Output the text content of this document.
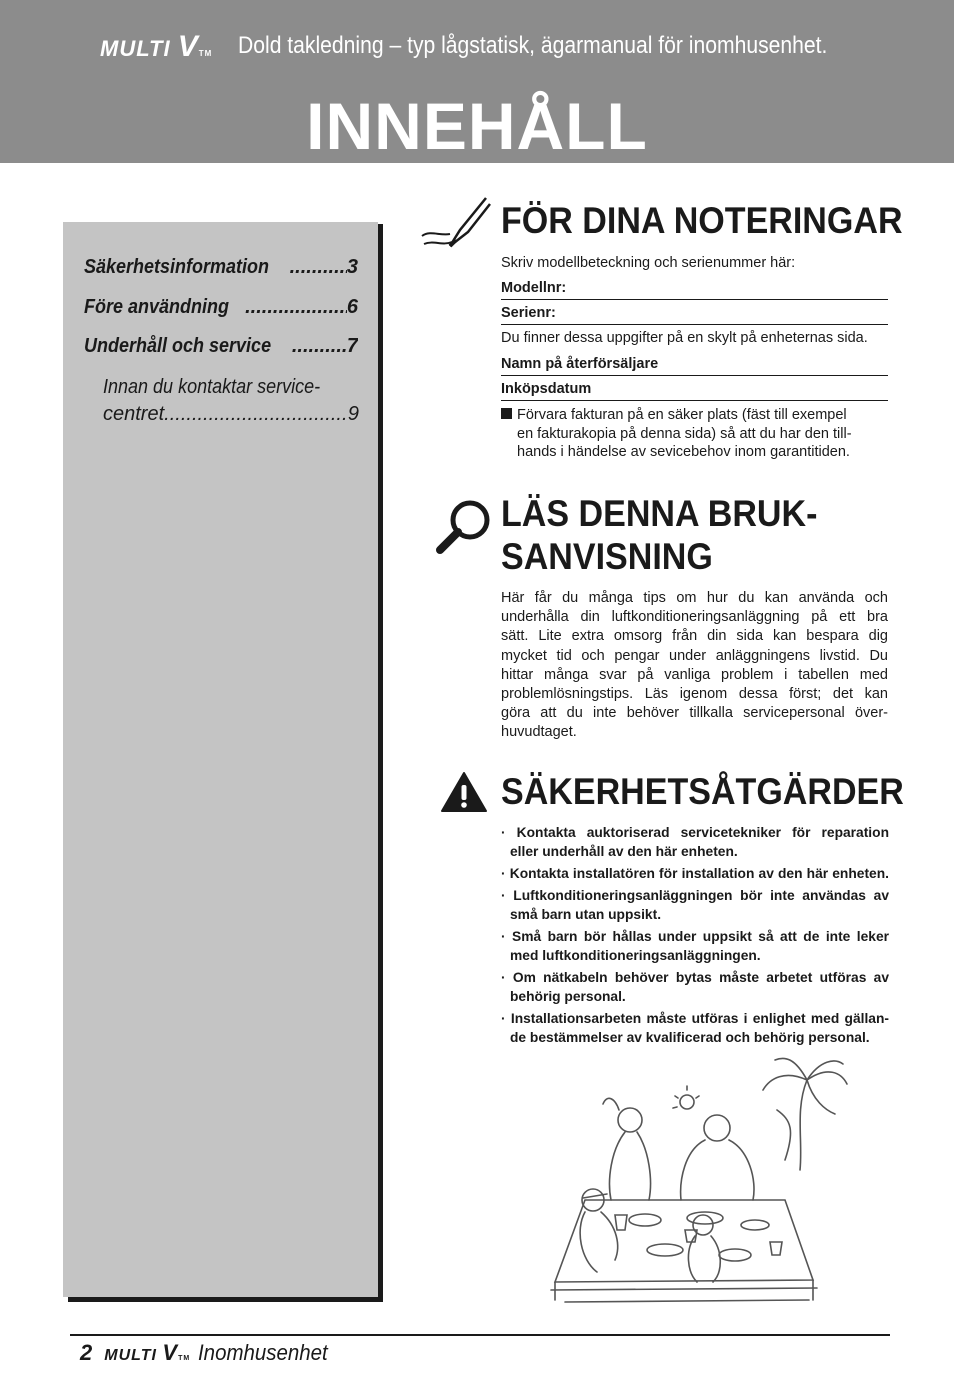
MULTI VTM Dold takledning – typ lågstatisk, ägarmanual för inomhusenhet.
INNEHÅLL
Säkerhetsinformation .....	3
Före användning .....	6
Underhåll och service .....	7
Innan du kontaktar service-
centret .....	9
FÖR DINA NOTERINGAR
Skriv modellbeteckning och serienummer här:
Modellnr:
Serienr:
Du finner dessa uppgifter på en skylt på enheternas sida.
Namn på återförsäljare
Inköpsdatum
Förvara fakturan på en säker plats (fäst till exempel
en fakturakopia på denna sida) så att du har den till-
hands i händelse av sevicebehov inom garantitiden.
LÄS DENNA BRUK-
SANVISNING
Här får du många tips om hur du kan använda och
underhålla din luftkonditioneringsanläggning på ett bra
sätt. Lite extra omsorg från din sida kan bespara dig
mycket tid och pengar under anläggningens livstid. Du
hittar många svar på vanliga problem i tabellen med
problemlösningstips. Läs igenom dessa först; det kan
göra att du inte behöver tillkalla servicepersonal över-
huvudtaget.
SÄKERHETSÅTGÄRDER
· Kontakta auktoriserad servicetekniker för reparation
eller underhåll av den här enheten.
· Kontakta installatören för installation av den här enheten.
· Luftkonditioneringsanläggningen bör inte användas av
små barn utan uppsikt.
· Små barn bör hållas under uppsikt så att de inte leker
med luftkonditioneringsanläggningen.
· Om nätkabeln behöver bytas måste arbetet utföras av
behörig personal.
· Installationsarbeten måste utföras i enlighet med gällan-
de bestämmelser av kvalificerad och behörig personal.
2 MULTI VTM Inomhusenhet
